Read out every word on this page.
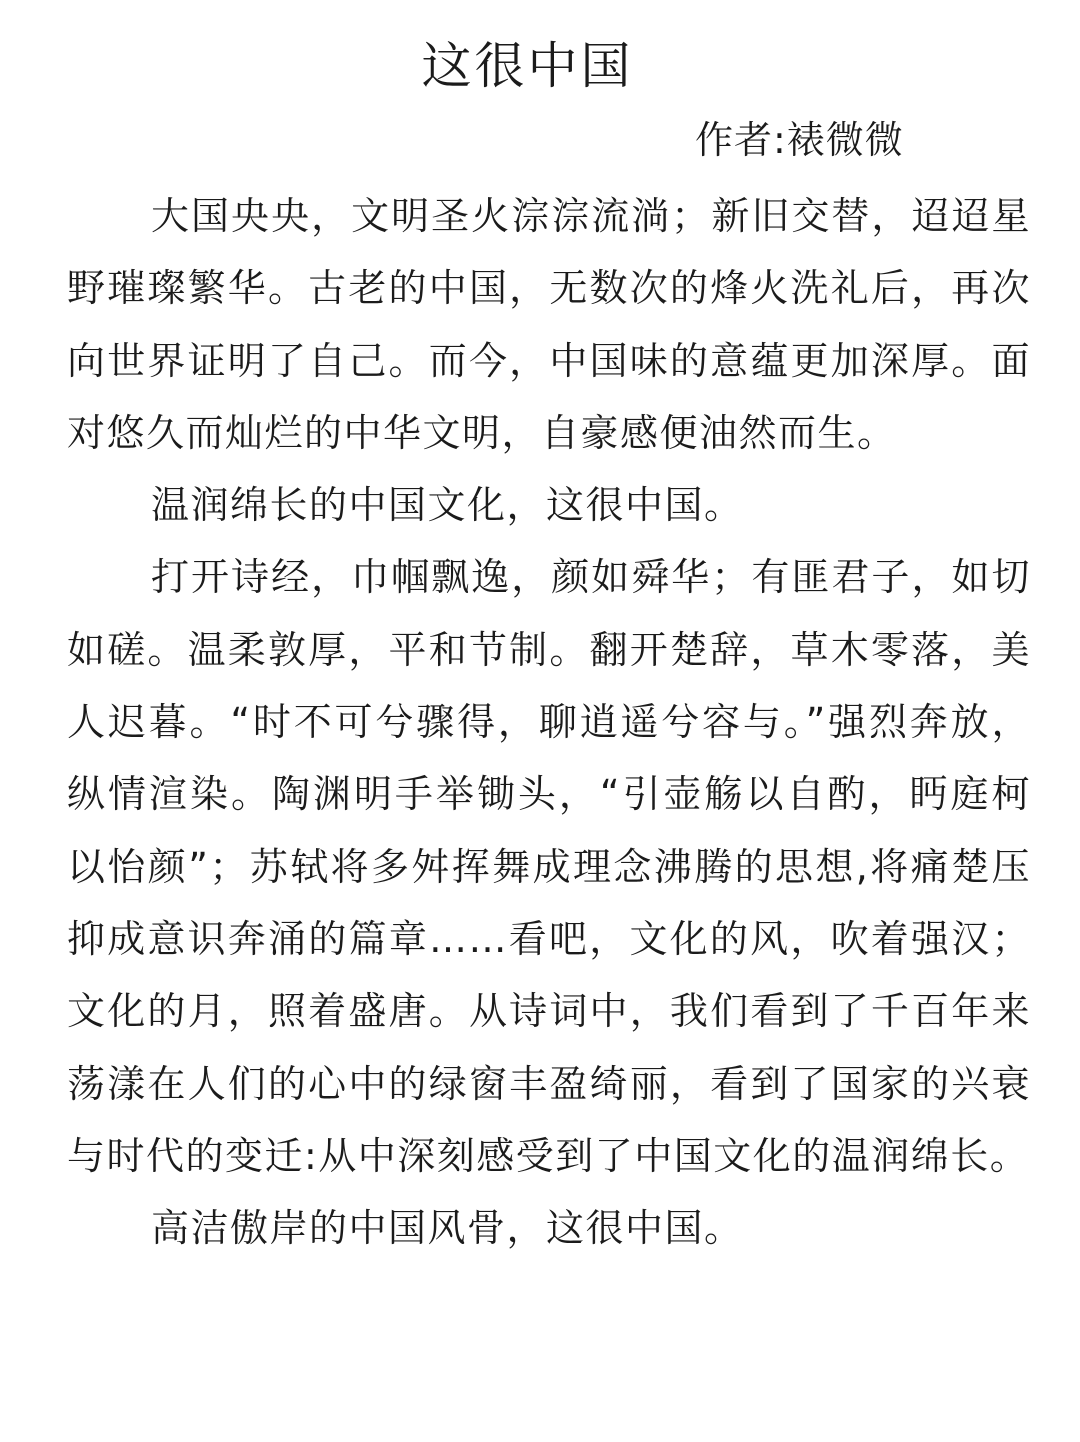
这很中国

作者:裱微微

大国央央，文明圣火淙淙流淌；新旧交替，迢迢星野璀璨繁华。古老的中国，无数次的烽火洗礼后，再次向世界证明了自己。而今，中国味的意蕴更加深厚。面对悠久而灿烂的中华文明，自豪感便油然而生。

温润绵长的中国文化，这很中国。

打开诗经，巾帼飘逸，颜如舜华；有匪君子，如切如磋。温柔敦厚，平和节制。翻开楚辞，草木零落，美人迟暮。“时不可兮骤得，聊逍遥兮容与。”强烈奔放，纵情渲染。陶渊明手举锄头，“引壶觞以自酌，眄庭柯以怡颜”；苏轼将多舛挥舞成理念沸腾的思想,将痛楚压抑成意识奔涌的篇章……看吧，文化的风，吹着强汉；文化的月，照着盛唐。从诗词中，我们看到了千百年来荡漾在人们的心中的绿窗丰盈绮丽，看到了国家的兴衰与时代的变迁:从中深刻感受到了中国文化的温润绵长。

高洁傲岸的中国风骨，这很中国。
